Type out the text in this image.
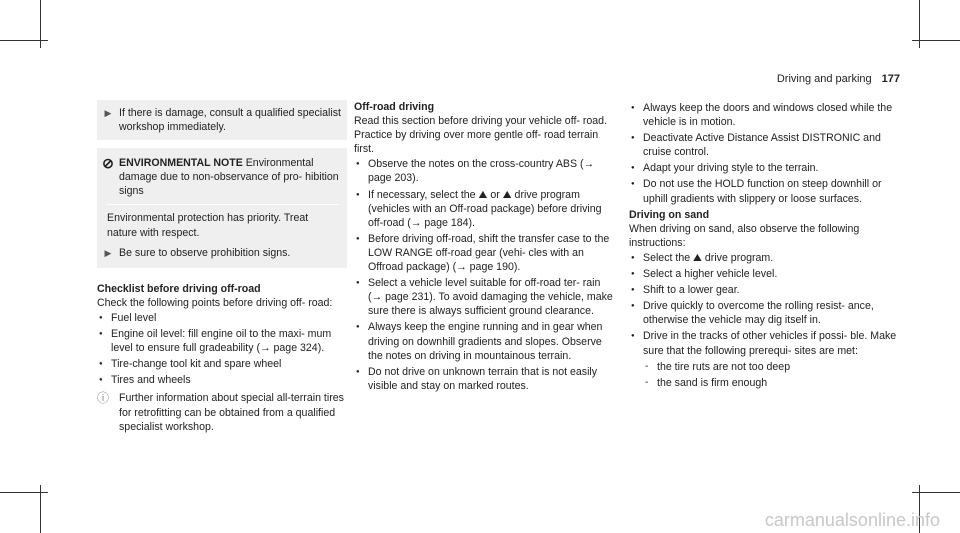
Driving and parking 177
▶ If there is damage, consult a qualified specialist workshop immediately.
⊘ ENVIRONMENTAL NOTE Environmental damage due to non-observance of pro- hibition signs
Environmental protection has priority. Treat nature with respect.
▶ Be sure to observe prohibition signs.
Checklist before driving off-road

Check the following points before driving off- road:

● Fuel level
● Engine oil level: fill engine oil to the maxi- mum level to ensure full gradeability (→ page 324).
● Tire-change tool kit and spare wheel
● Tires and wheels
ⓘ Further information about special all-terrain tires for retrofitting can be obtained from a qualified specialist workshop.
Off-road driving

Read this section before driving your vehicle off- road. Practice by driving over more gentle off- road terrain first.

● Observe the notes on the cross-country ABS (→ page 203).
● If necessary, select the ⛰ or ⛰ drive program (vehicles with an Off-road package) before driving off-road (→ page 184).
● Before driving off-road, shift the transfer case to the LOW RANGE off-road gear (vehi- cles with an Offroad package) (→ page 190).
● Select a vehicle level suitable for off-road ter- rain (→ page 231). To avoid damaging the vehicle, make sure there is always sufficient ground clearance.
● Always keep the engine running and in gear when driving on downhill gradients and slopes. Observe the notes on driving in mountainous terrain.
● Do not drive on unknown terrain that is not easily visible and stay on marked routes.
● Always keep the doors and windows closed while the vehicle is in motion.
● Deactivate Active Distance Assist DISTRONIC and cruise control.
● Adapt your driving style to the terrain.
● Do not use the HOLD function on steep downhill or uphill gradients with slippery or loose surfaces.
Driving on sand

When driving on sand, also observe the following instructions:

● Select the ⛰ drive program.
● Select a higher vehicle level.
● Shift to a lower gear.
● Drive quickly to overcome the rolling resist- ance, otherwise the vehicle may dig itself in.
● Drive in the tracks of other vehicles if possi- ble. Make sure that the following prerequi- sites are met:
- the tire ruts are not too deep
- the sand is firm enough
carmanualsonline.info
